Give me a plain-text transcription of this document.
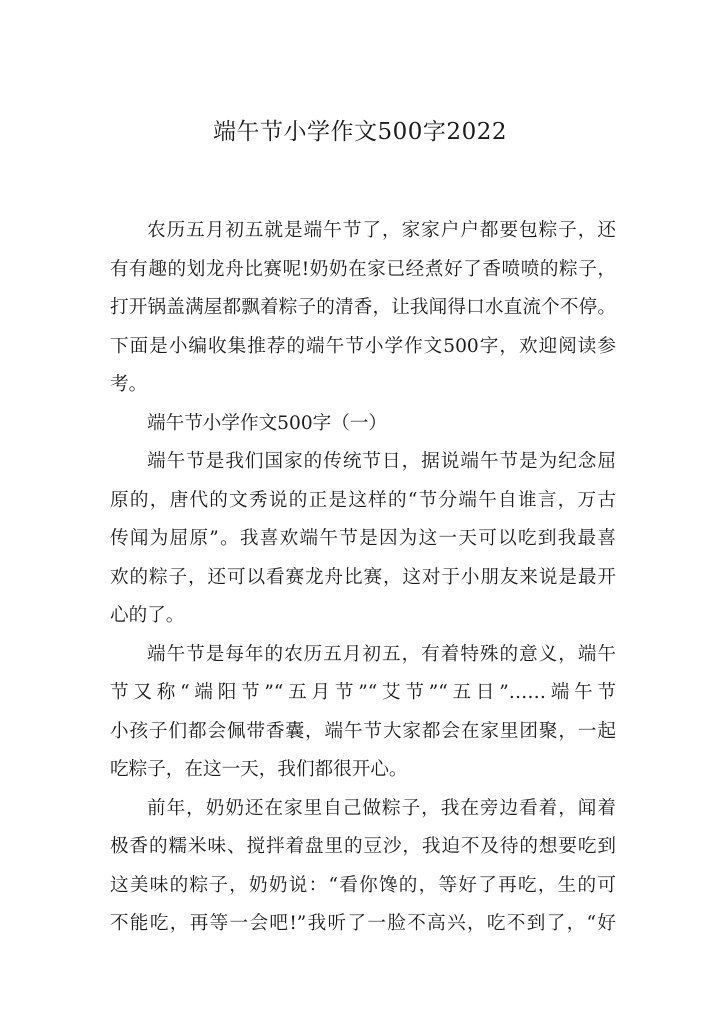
端午节小学作文500字2022
农历五月初五就是端午节了，家家户户都要包粽子，还
有有趣的划龙舟比赛呢!奶奶在家已经煮好了香喷喷的粽子，
打开锅盖满屋都飘着粽子的清香，让我闻得口水直流个不停。
下面是小编收集推荐的端午节小学作文500字，欢迎阅读参
考。
端午节小学作文500字（一）
端午节是我们国家的传统节日，据说端午节是为纪念屈
原的，唐代的文秀说的正是这样的“节分端午自谁言，万古
传闻为屈原”。我喜欢端午节是因为这一天可以吃到我最喜
欢的粽子，还可以看赛龙舟比赛，这对于小朋友来说是最开
心的了。
端午节是每年的农历五月初五，有着特殊的意义，端午
节又称“端阳节”“五月节”“艾节”“五日”……端午节
小孩子们都会佩带香囊，端午节大家都会在家里团聚，一起
吃粽子，在这一天，我们都很开心。
前年，奶奶还在家里自己做粽子，我在旁边看着，闻着
极香的糯米味、搅拌着盘里的豆沙，我迫不及待的想要吃到
这美味的粽子，奶奶说：“看你馋的，等好了再吃，生的可
不能吃，再等一会吧!”我听了一脸不高兴，吃不到了，“好
